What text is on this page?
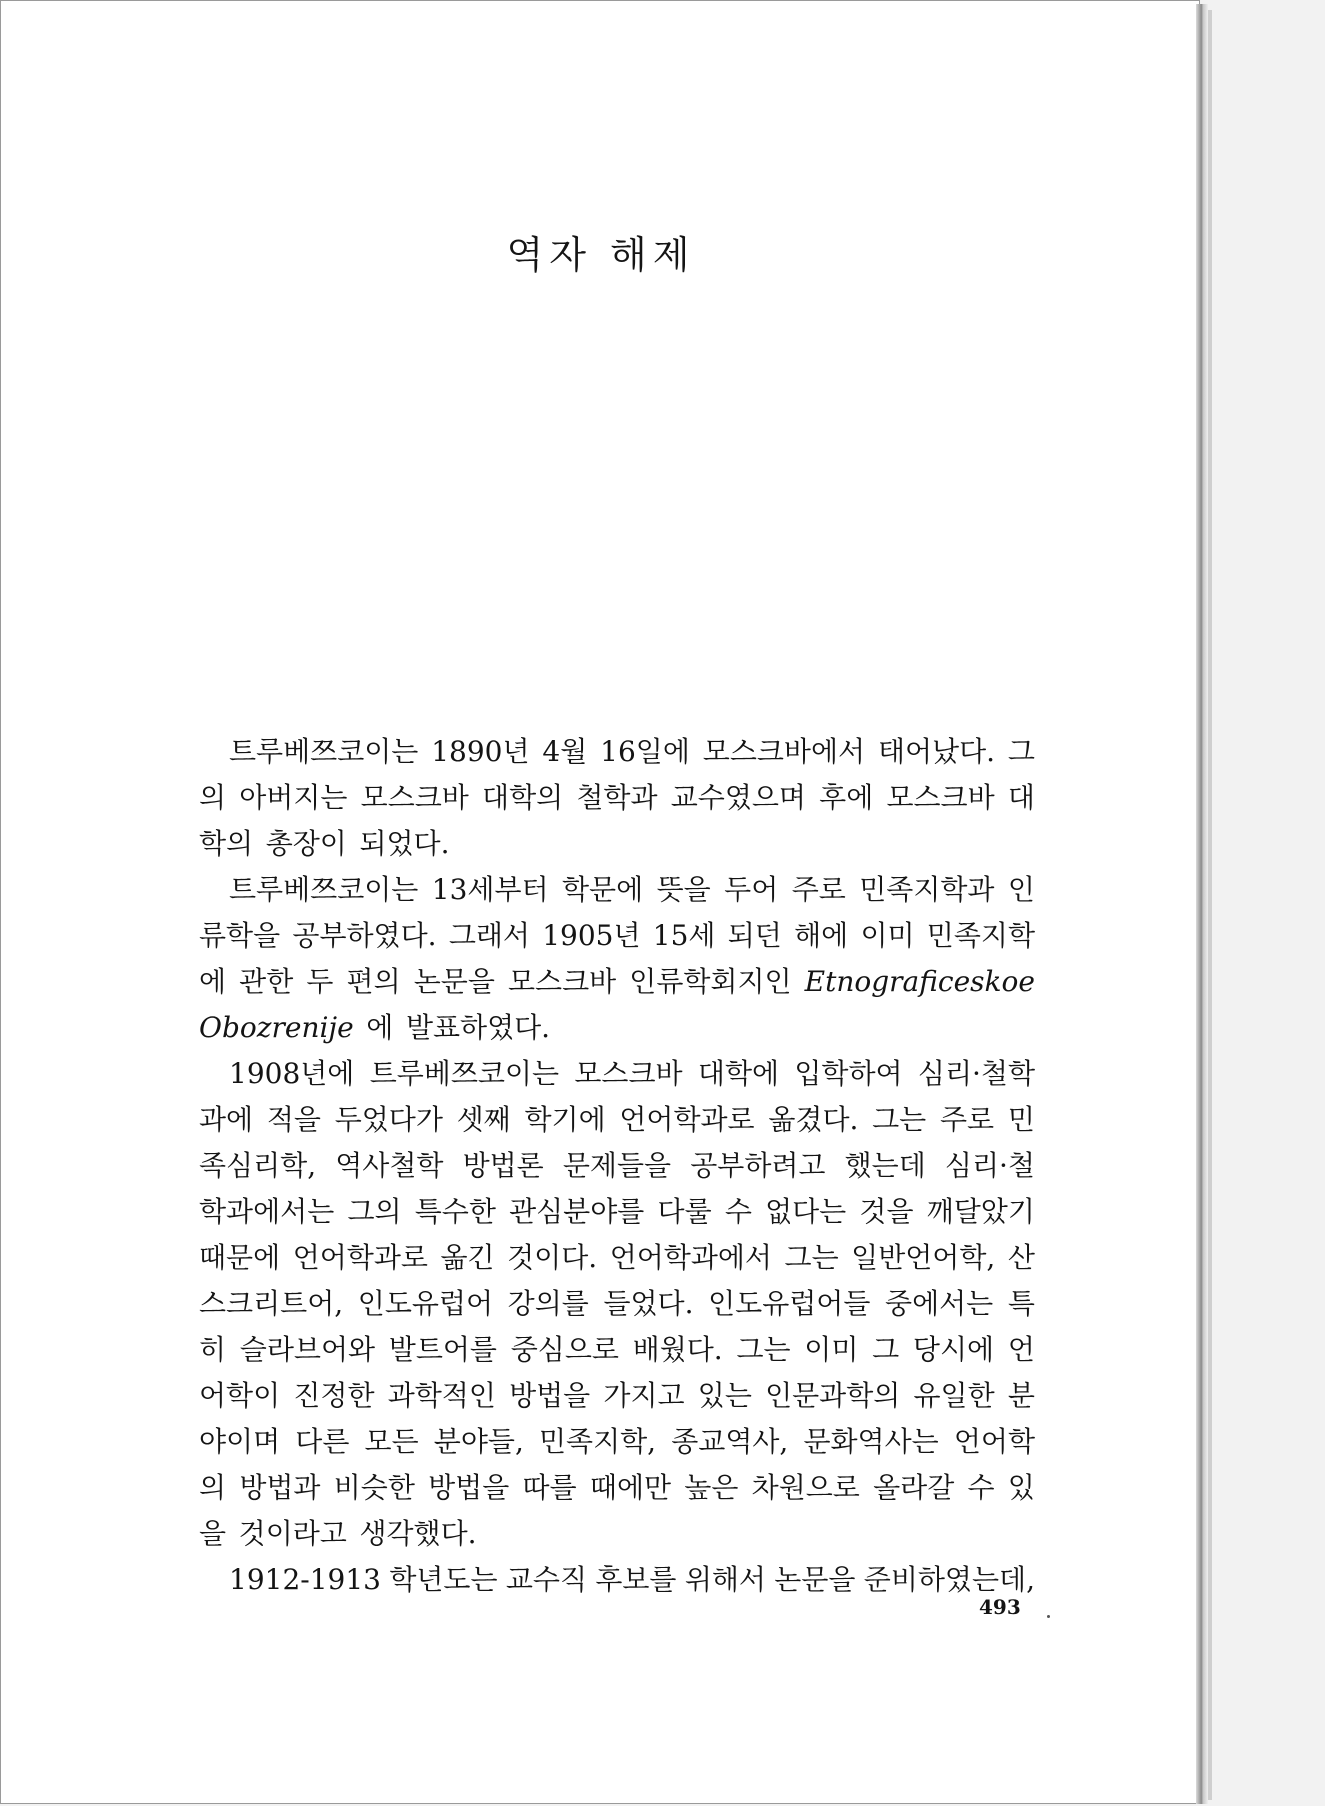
역자 해제
트루베쯔코이는 1890년 4월 16일에 모스크바에서 태어났다. 그
의 아버지는 모스크바 대학의 철학과 교수였으며 후에 모스크바 대
학의 총장이 되었다.
트루베쯔코이는 13세부터 학문에 뜻을 두어 주로 민족지학과 인
류학을 공부하였다. 그래서 1905년 15세 되던 해에 이미 민족지학
에 관한 두 편의 논문을 모스크바 인류학회지인 Etnograficeskoe
Obozrenije 에 발표하였다.
1908년에 트루베쯔코이는 모스크바 대학에 입학하여 심리·철학
과에 적을 두었다가 셋째 학기에 언어학과로 옮겼다. 그는 주로 민
족심리학, 역사철학 방법론 문제들을 공부하려고 했는데 심리·철
학과에서는 그의 특수한 관심분야를 다룰 수 없다는 것을 깨달았기
때문에 언어학과로 옮긴 것이다. 언어학과에서 그는 일반언어학, 산
스크리트어, 인도유럽어 강의를 들었다. 인도유럽어들 중에서는 특
히 슬라브어와 발트어를 중심으로 배웠다. 그는 이미 그 당시에 언
어학이 진정한 과학적인 방법을 가지고 있는 인문과학의 유일한 분
야이며 다른 모든 분야들, 민족지학, 종교역사, 문화역사는 언어학
의 방법과 비슷한 방법을 따를 때에만 높은 차원으로 올라갈 수 있
을 것이라고 생각했다.
1912-1913 학년도는 교수직 후보를 위해서 논문을 준비하였는데,
493
